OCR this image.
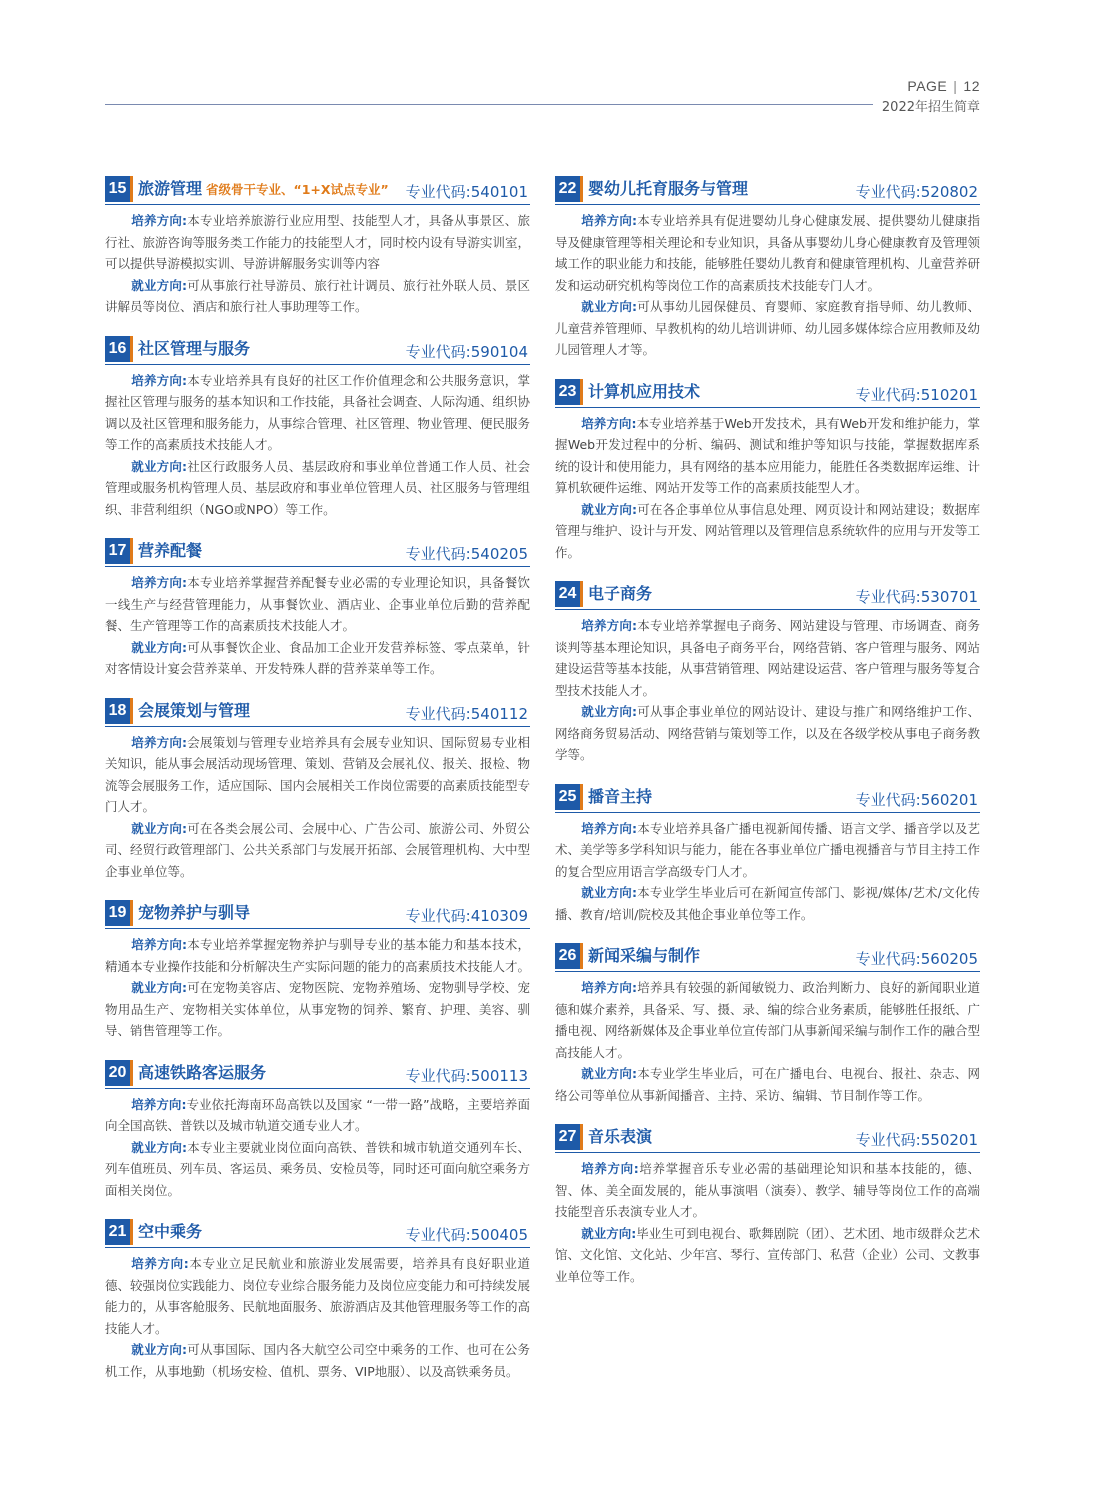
PAGE | 12
2022年招生简章
15 旅游管理 省级骨干专业、“1+X试点专业” 专业代码:540101

培养方向:本专业培养旅游行业应用型、技能型人才，具备从事景区、旅行社、旅游咨询等服务类工作能力的技能型人才，同时校内设有导游实训室，可以提供导游模拟实训、导游讲解服务实训等内容

就业方向:可从事旅行社导游员、旅行社计调员、旅行社外联人员、景区讲解员等岗位、酒店和旅行社人事助理等工作。

16 社区管理与服务	专业代码:590104

培养方向:本专业培养具有良好的社区工作价值理念和公共服务意识，掌握社区管理与服务的基本知识和工作技能，具备社会调查、人际沟通、组织协调以及社区管理和服务能力，从事综合管理、社区管理、物业管理、便民服务等工作的高素质技术技能人才。

就业方向:社区行政服务人员、基层政府和事业单位普通工作人员、社会管理或服务机构管理人员、基层政府和事业单位管理人员、社区服务与管理组织、非营利组织（NGO或NPO）等工作。

17 营养配餐	专业代码:540205

培养方向:本专业培养掌握营养配餐专业必需的专业理论知识，具备餐饮一线生产与经营管理能力，从事餐饮业、酒店业、企事业单位后勤的营养配餐、生产管理等工作的高素质技术技能人才。

就业方向:可从事餐饮企业、食品加工企业开发营养标签、零点菜单，针对客情设计宴会营养菜单、开发特殊人群的营养菜单等工作。

18 会展策划与管理	专业代码:540112

培养方向:会展策划与管理专业培养具有会展专业知识、国际贸易专业相关知识，能从事会展活动现场管理、策划、营销及会展礼仪、报关、报检、物流等会展服务工作，适应国际、国内会展相关工作岗位需要的高素质技能型专门人才。

就业方向:可在各类会展公司、会展中心、广告公司、旅游公司、外贸公司、经贸行政管理部门、公共关系部门与发展开拓部、会展管理机构、大中型企事业单位等。

19 宠物养护与驯导	专业代码:410309

培养方向:本专业培养掌握宠物养护与驯导专业的基本能力和基本技术，精通本专业操作技能和分析解决生产实际问题的能力的高素质技术技能人才。

就业方向:可在宠物美容店、宠物医院、宠物养殖场、宠物驯导学校、宠物用品生产、宠物相关实体单位，从事宠物的饲养、繁育、护理、美容、驯导、销售管理等工作。

20 高速铁路客运服务	专业代码:500113

培养方向:专业依托海南环岛高铁以及国家 “一带一路”战略，主要培养面向全国高铁、普铁以及城市轨道交通专业人才。

就业方向:本专业主要就业岗位面向高铁、普铁和城市轨道交通列车长、列车值班员、列车员、客运员、乘务员、安检员等，同时还可面向航空乘务方面相关岗位。

21 空中乘务	专业代码:500405

培养方向:本专业立足民航业和旅游业发展需要，培养具有良好职业道德、较强岗位实践能力、岗位专业综合服务能力及岗位应变能力和可持续发展能力的，从事客舱服务、民航地面服务、旅游酒店及其他管理服务等工作的高技能人才。

就业方向:可从事国际、国内各大航空公司空中乘务的工作、也可在公务机工作，从事地勤（机场安检、值机、票务、VIP地服）、以及高铁乘务员。

22 婴幼儿托育服务与管理	专业代码:520802

培养方向:本专业培养具有促进婴幼儿身心健康发展、提供婴幼儿健康指导及健康管理等相关理论和专业知识，具备从事婴幼儿身心健康教育及管理领域工作的职业能力和技能，能够胜任婴幼儿教育和健康管理机构、儿童营养研发和运动研究机构等岗位工作的高素质技术技能专门人才。

就业方向:可从事幼儿园保健员、育婴师、家庭教育指导师、幼儿教师、儿童营养管理师、早教机构的幼儿培训讲师、幼儿园多媒体综合应用教师及幼儿园管理人才等。

23 计算机应用技术	专业代码:510201

培养方向:本专业培养基于Web开发技术，具有Web开发和维护能力，掌握Web开发过程中的分析、编码、测试和维护等知识与技能，掌握数据库系统的设计和使用能力，具有网络的基本应用能力，能胜任各类数据库运维、计算机软硬件运维、网站开发等工作的高素质技能型人才。

就业方向:可在各企事单位从事信息处理、网页设计和网站建设；数据库管理与维护、设计与开发、网站管理以及管理信息系统软件的应用与开发等工作。

24 电子商务	专业代码:530701

培养方向:本专业培养掌握电子商务、网站建设与管理、市场调查、商务谈判等基本理论知识，具备电子商务平台，网络营销、客户管理与服务、网站建设运营等基本技能，从事营销管理、网站建设运营、客户管理与服务等复合型技术技能人才。

就业方向:可从事企事业单位的网站设计、建设与推广和网络维护工作、网络商务贸易活动、网络营销与策划等工作，以及在各级学校从事电子商务教学等。

25 播音主持	专业代码:560201

培养方向:本专业培养具备广播电视新闻传播、语言文学、播音学以及艺术、美学等多学科知识与能力，能在各事业单位广播电视播音与节目主持工作的复合型应用语言学高级专门人才。

就业方向:本专业学生毕业后可在新闻宣传部门、影视/媒体/艺术/文化传播、教育/培训/院校及其他企事业单位等工作。

26 新闻采编与制作	专业代码:560205

培养方向:培养具有较强的新闻敏锐力、政治判断力、良好的新闻职业道德和媒介素养，具备采、写、摄、录、编的综合业务素质，能够胜任报纸、广播电视、网络新媒体及企事业单位宣传部门从事新闻采编与制作工作的融合型高技能人才。

就业方向:本专业学生毕业后，可在广播电台、电视台、报社、杂志、网络公司等单位从事新闻播音、主持、采访、编辑、节目制作等工作。

27 音乐表演	专业代码:550201

培养方向:培养掌握音乐专业必需的基础理论知识和基本技能的，德、智、体、美全面发展的，能从事演唱（演奏）、教学、辅导等岗位工作的高端技能型音乐表演专业人才。

就业方向:毕业生可到电视台、歌舞剧院（团）、艺术团、地市级群众艺术馆、文化馆、文化站、少年宫、琴行、宣传部门、私营（企业）公司、文教事业单位等工作。
